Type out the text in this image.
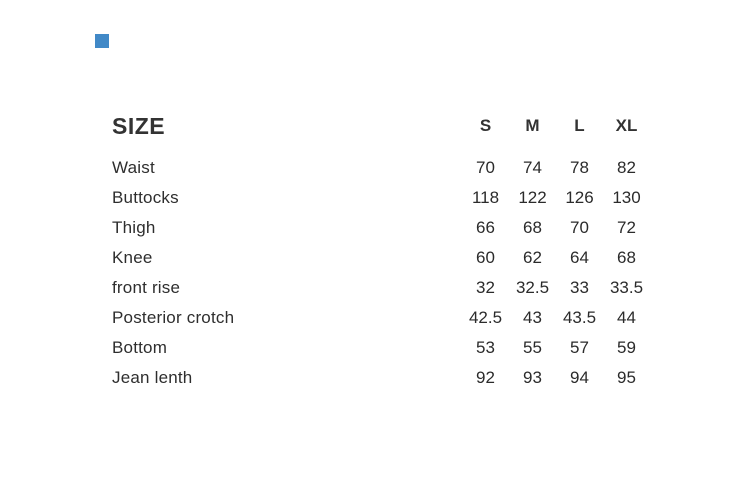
SIZE	S	M	L	XL
Waist	70	74	78	82
Buttocks	118	122	126	130
Thigh	66	68	70	72
Knee	60	62	64	68
front rise	32	32.5	33	33.5
Posterior crotch	42.5	43	43.5	44
Bottom	53	55	57	59
Jean lenth	92	93	94	95
